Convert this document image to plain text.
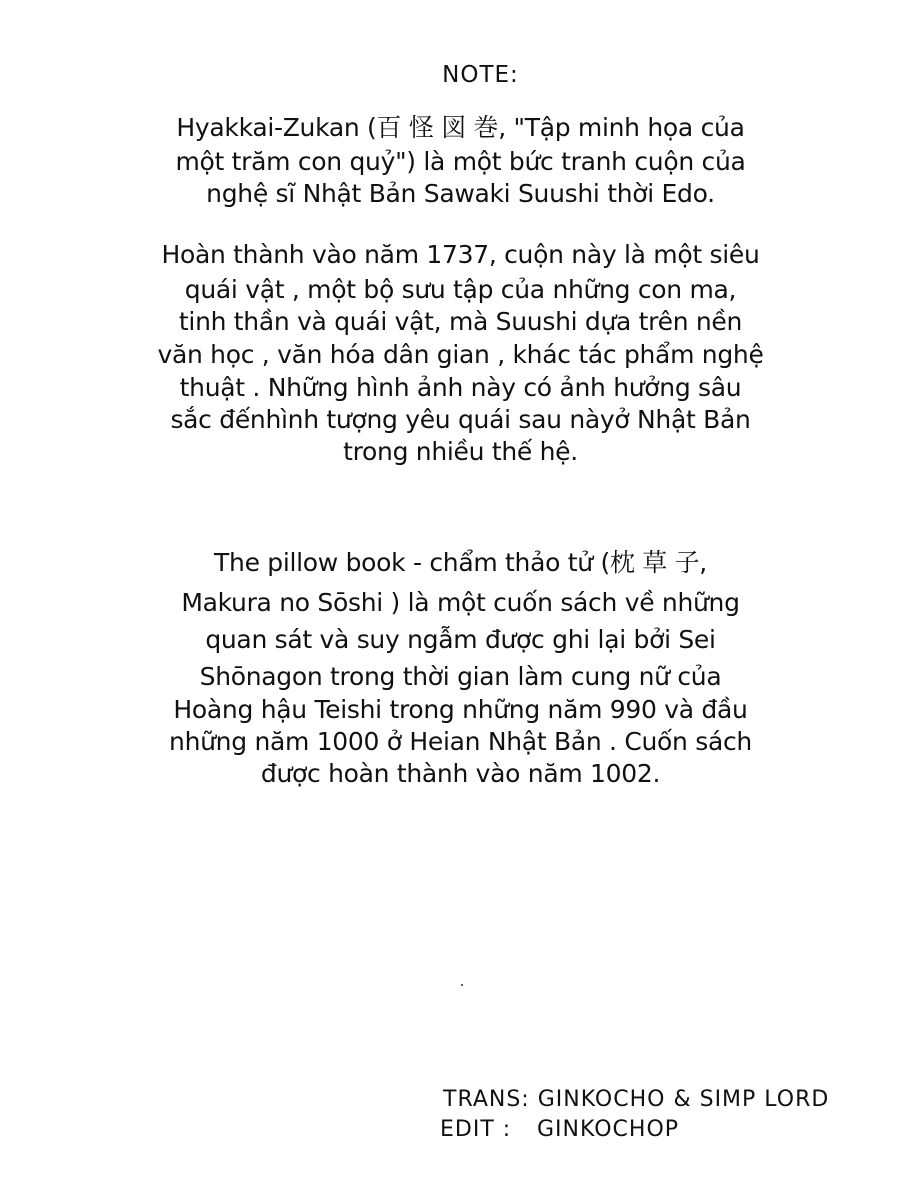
NOTE:
Hyakkai-Zukan (百 怪 図 巻, "Tập minh họa của
một trăm con quỷ") là một bức tranh cuộn của
nghệ sĩ Nhật Bản Sawaki Suushi thời Edo.
Hoàn thành vào năm 1737, cuộn này là một siêu
quái vật , một bộ sưu tập của những con ma,
tinh thần và quái vật, mà Suushi dựa trên nền
văn học , văn hóa dân gian , khác tác phẩm nghệ
thuật . Những hình ảnh này có ảnh hưởng sâu
sắc đếnhình tượng yêu quái sau nàyở Nhật Bản
trong nhiều thế hệ.
The pillow book - chẩm thảo tử (枕 草 子,
Makura no Sōshi ) là một cuốn sách về những
quan sát và suy ngẫm được ghi lại bởi Sei
Shōnagon trong thời gian làm cung nữ của
Hoàng hậu Teishi trong những năm 990 và đầu
những năm 1000 ở Heian Nhật Bản . Cuốn sách
được hoàn thành vào năm 1002.
TRANS: GINKOCHO & SIMP LORD
EDIT : GINKOCHOP
